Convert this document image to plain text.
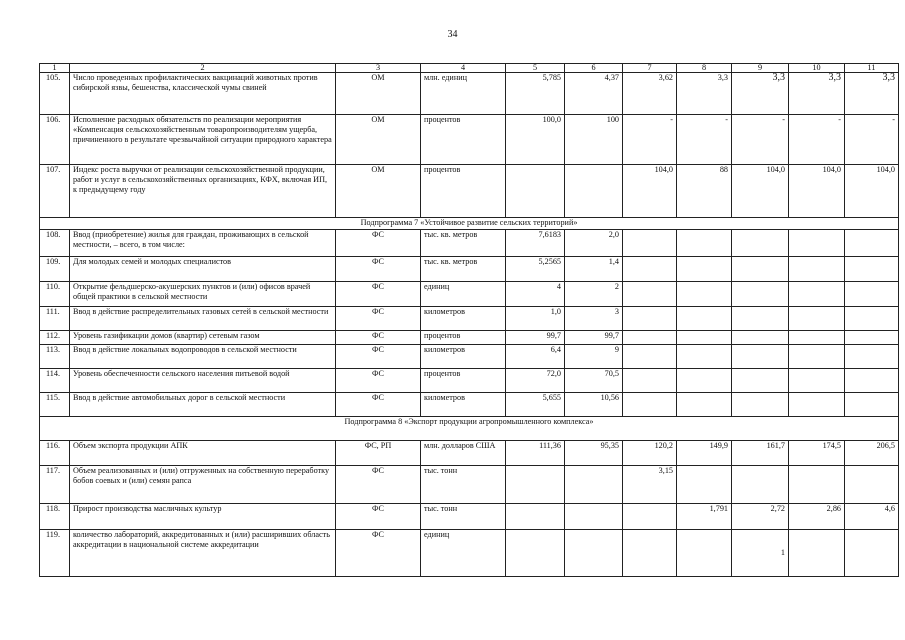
34
1	2	3	4	5	6	7	8	9	10	11
105.	Число проведенных профилактических вакцинаций животных против сибирской язвы, бешенства, классической чумы свиней	ОМ	млн. единиц	5,785	4,37	3,62	3,3	3,3	3,3	3,3
106.	Исполнение расходных обязательств по реализации мероприятия «Компенсация сельскохозяйственным товаропроизводителям ущерба, причиненного в результате чрезвычайной ситуации природного характера	ОМ	процентов	100,0	100	-	-	-	-	-
107.	Индекс роста выручки от реализации сельскохозяйственной продукции, работ и услуг в сельскохозяйственных организациях, КФХ, включая ИП, к предыдущему году	ОМ	процентов			104,0	88	104,0	104,0	104,0
Подпрограмма 7 «Устойчивое развитие сельских территорий»										
108.	Ввод (приобретение) жилья для граждан, проживающих в сельской местности, – всего, в том числе:	ФС	тыс. кв. метров	7,6183	2,0					
109.	Для молодых семей и молодых специалистов	ФС	тыс. кв. метров	5,2565	1,4					
110.	Открытие фельдшерско-акушерских пунктов и (или) офисов врачей общей практики в сельской местности	ФС	единиц	4	2					
111.	Ввод в действие распределительных газовых сетей в сельской местности	ФС	километров	1,0	3					
112.	Уровень газификации домов (квартир) сетевым газом	ФС	процентов	99,7	99,7					
113.	Ввод в действие локальных водопроводов в сельской местности	ФС	километров	6,4	9					
114.	Уровень обеспеченности сельского населения питьевой водой	ФС	процентов	72,0	70,5					
115.	Ввод в действие автомобильных дорог в сельской местности	ФС	километров	5,655	10,56					
Подпрограмма 8 «Экспорт продукции агропромышленного комплекса»										
116.	Объем экспорта продукции АПК	ФС, РП	млн. долларов США	111,36	95,35	120,2	149,9	161,7	174,5	206,5
117.	Объем реализованных и (или) отгруженных на собственную переработку бобов соевых и (или) семян рапса	ФС	тыс. тонн			3,15				
118.	Прирост производства масличных культур	ФС	тыс. тонн				1,791	2,72	2,86	4,6
119.	количество лабораторий, аккредитованных и (или) расширивших область аккредитации в национальной системе аккредитации	ФС	единиц					1		
